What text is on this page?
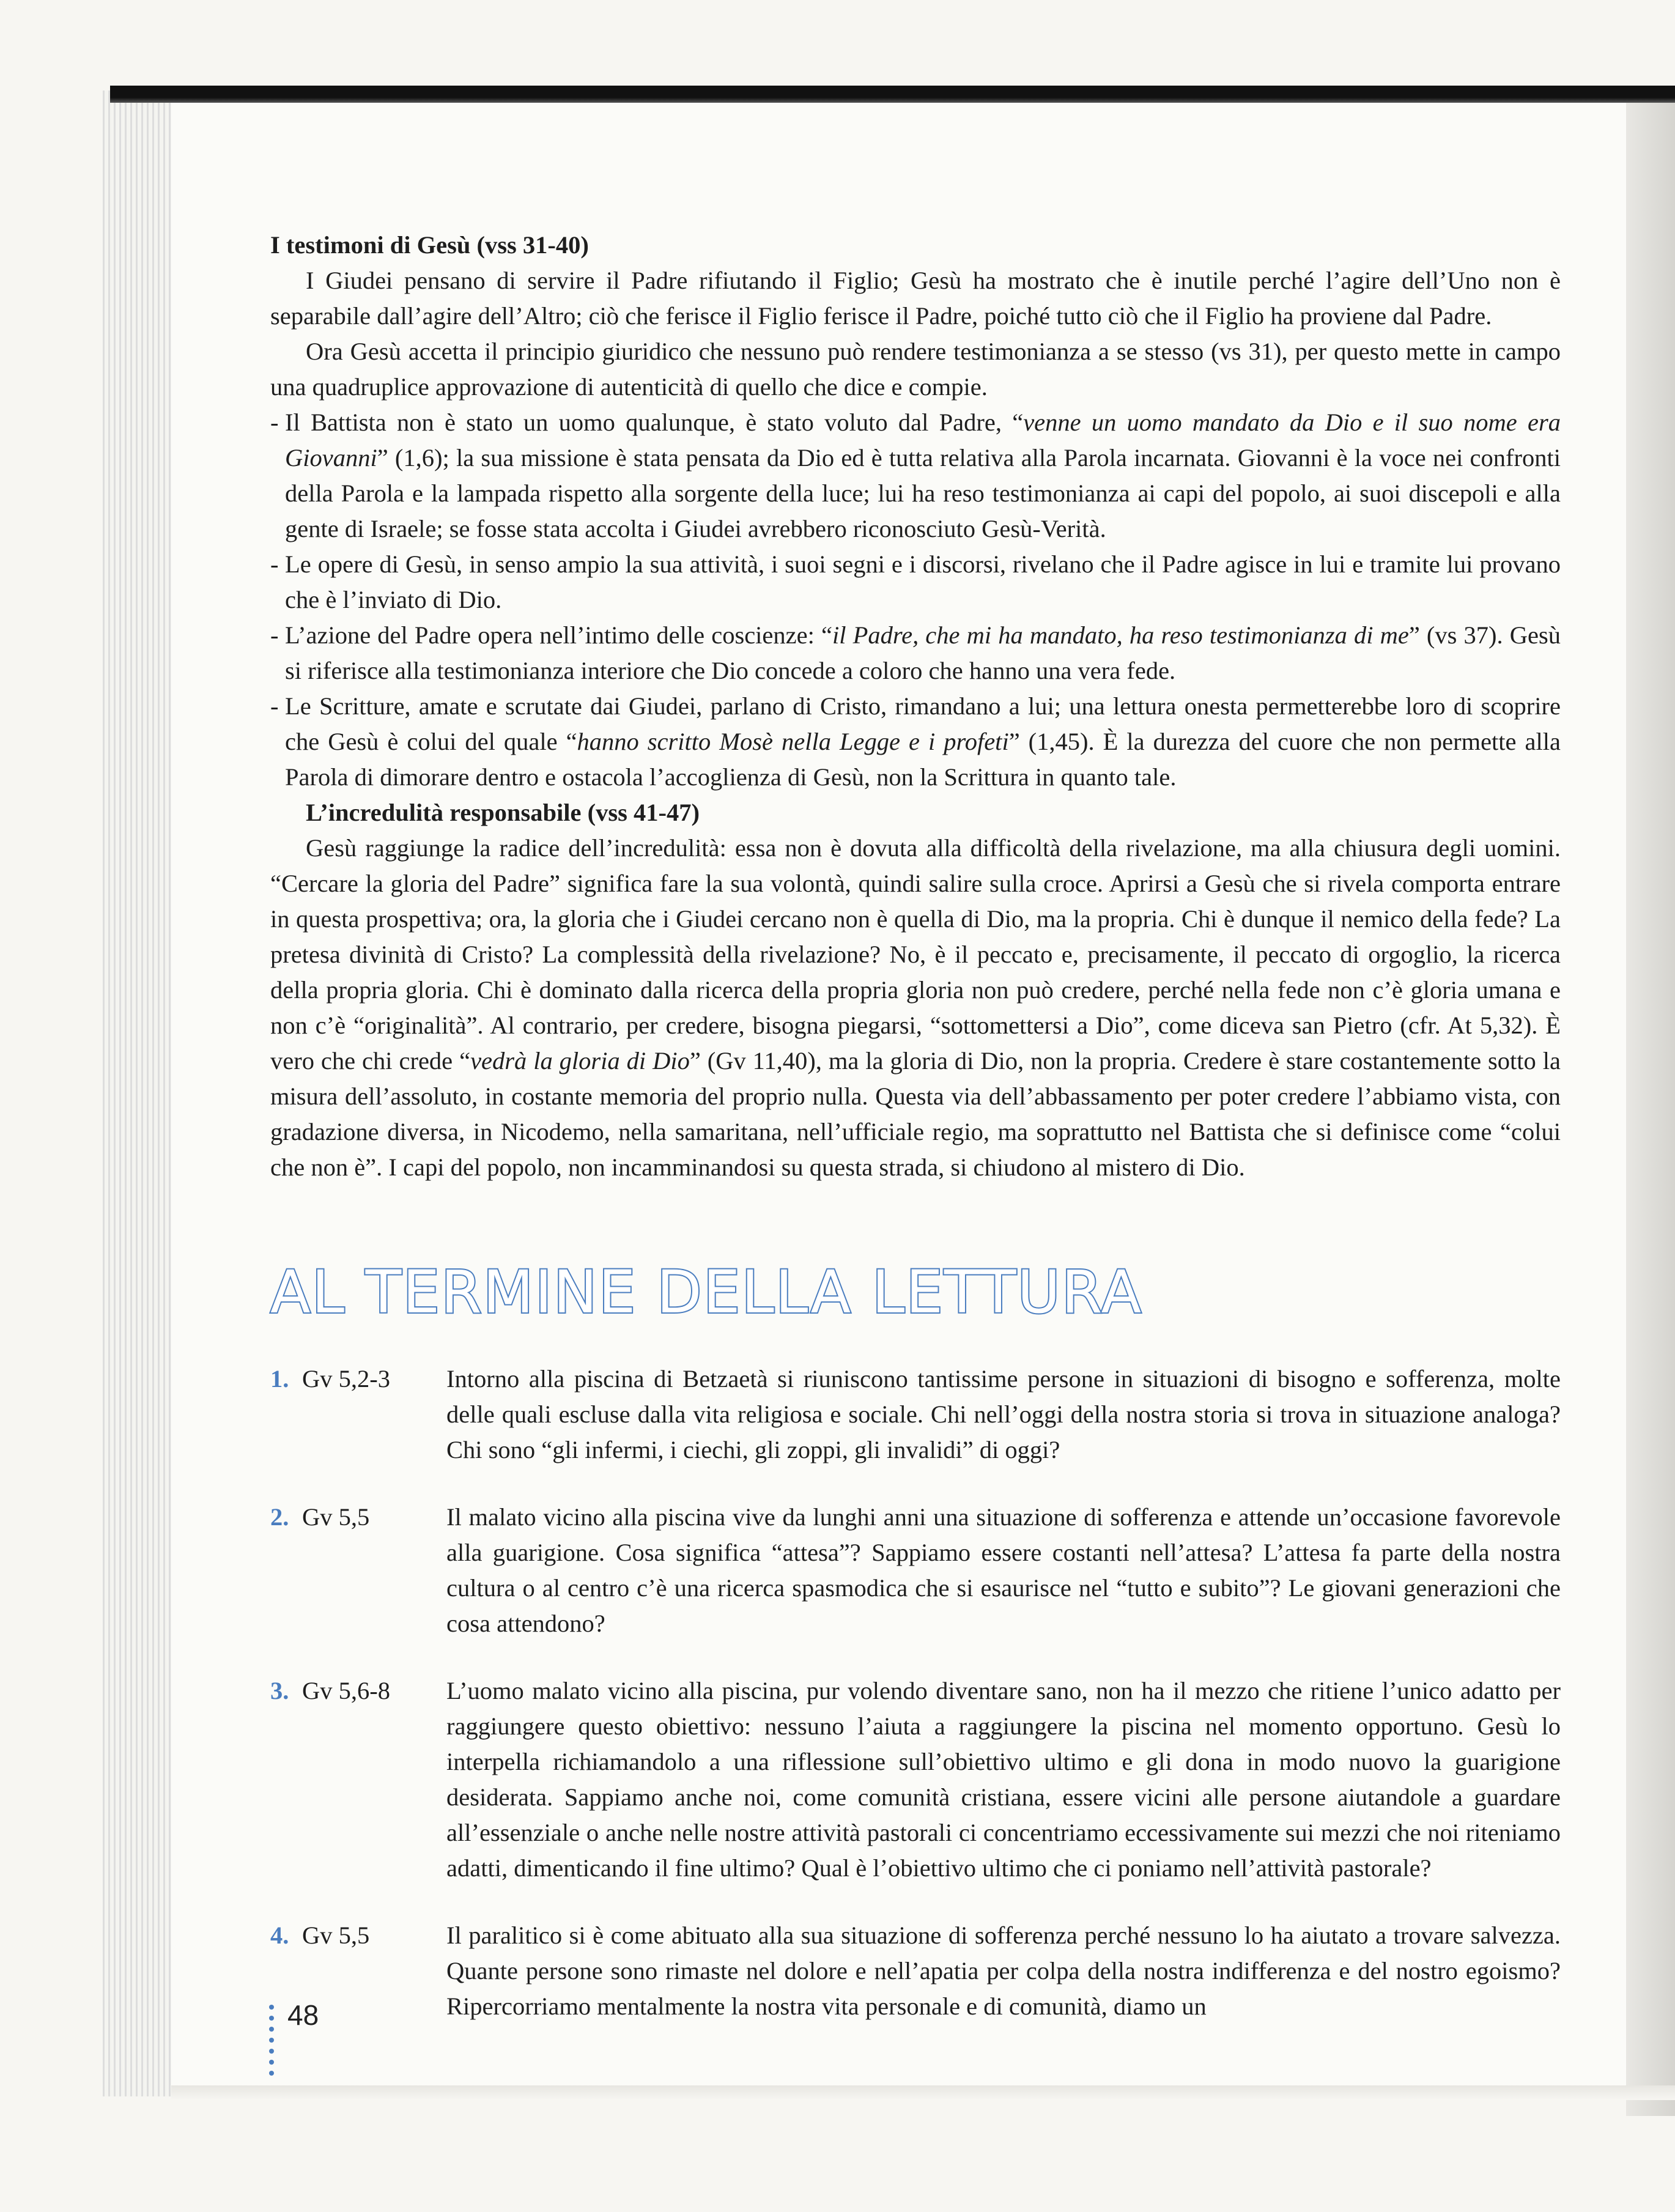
I testimoni di Gesù (vss 31-40)

I Giudei pensano di servire il Padre rifiutando il Figlio; Gesù ha mostrato che è inutile perché l’agire dell’Uno non è separabile dall’agire dell’Altro; ciò che ferisce il Figlio ferisce il Padre, poiché tutto ciò che il Figlio ha proviene dal Padre.

Ora Gesù accetta il principio giuridico che nessuno può rendere testimonianza a se stesso (vs 31), per questo mette in campo una quadruplice approvazione di autenticità di quello che dice e compie.

- Il Battista non è stato un uomo qualunque, è stato voluto dal Padre, “venne un uomo mandato da Dio e il suo nome era Giovanni” (1,6); la sua missione è stata pensata da Dio ed è tutta relativa alla Parola incarnata. Giovanni è la voce nei confronti della Parola e la lampada rispetto alla sorgente della luce; lui ha reso testimonianza ai capi del popolo, ai suoi discepoli e alla gente di Israele; se fosse stata accolta i Giudei avrebbero riconosciuto Gesù-Verità.

- Le opere di Gesù, in senso ampio la sua attività, i suoi segni e i discorsi, rivelano che il Padre agisce in lui e tramite lui provano che è l’inviato di Dio.

- L’azione del Padre opera nell’intimo delle coscienze: “il Padre, che mi ha mandato, ha reso testimonianza di me” (vs 37). Gesù si riferisce alla testimonianza interiore che Dio concede a coloro che hanno una vera fede.

- Le Scritture, amate e scrutate dai Giudei, parlano di Cristo, rimandano a lui; una lettura onesta permetterebbe loro di scoprire che Gesù è colui del quale “hanno scritto Mosè nella Legge e i profeti” (1,45). È la durezza del cuore che non permette alla Parola di dimorare dentro e ostacola l’accoglienza di Gesù, non la Scrittura in quanto tale.

L’incredulità responsabile (vss 41-47)

Gesù raggiunge la radice dell’incredulità: essa non è dovuta alla difficoltà della rivelazione, ma alla chiusura degli uomini. “Cercare la gloria del Padre” significa fare la sua volontà, quindi salire sulla croce. Aprirsi a Gesù che si rivela comporta entrare in questa prospettiva; ora, la gloria che i Giudei cercano non è quella di Dio, ma la propria. Chi è dunque il nemico della fede? La pretesa divinità di Cristo? La complessità della rivelazione? No, è il peccato e, precisamente, il peccato di orgoglio, la ricerca della propria gloria. Chi è dominato dalla ricerca della propria gloria non può credere, perché nella fede non c’è gloria umana e non c’è “originalità”. Al contrario, per credere, bisogna piegarsi, “sottomettersi a Dio”, come diceva san Pietro (cfr. At 5,32). È vero che chi crede “vedrà la gloria di Dio” (Gv 11,40), ma la gloria di Dio, non la propria. Credere è stare costantemente sotto la misura dell’assoluto, in costante memoria del proprio nulla. Questa via dell’abbassamento per poter credere l’abbiamo vista, con gradazione diversa, in Nicodemo, nella samaritana, nell’ufficiale regio, ma soprattutto nel Battista che si definisce come “colui che non è”. I capi del popolo, non incamminandosi su questa strada, si chiudono al mistero di Dio.

AL TERMINE DELLA LETTURA
1. Gv 5,2-3	Intorno alla piscina di Betzaetà si riuniscono tantissime persone in situazioni di bisogno e sofferenza, molte delle quali escluse dalla vita religiosa e sociale. Chi nell’oggi della nostra storia si trova in situazione analoga? Chi sono “gli infermi, i ciechi, gli zoppi, gli invalidi” di oggi?
2. Gv 5,5	Il malato vicino alla piscina vive da lunghi anni una situazione di sofferenza e attende un’occasione favorevole alla guarigione. Cosa significa “attesa”? Sappiamo essere costanti nell’attesa? L’attesa fa parte della nostra cultura o al centro c’è una ricerca spasmodica che si esaurisce nel “tutto e subito”? Le giovani generazioni che cosa attendono?
3. Gv 5,6-8	L’uomo malato vicino alla piscina, pur volendo diventare sano, non ha il mezzo che ritiene l’unico adatto per raggiungere questo obiettivo: nessuno l’aiuta a raggiungere la piscina nel momento opportuno. Gesù lo interpella richiamandolo a una riflessione sull’obiettivo ultimo e gli dona in modo nuovo la guarigione desiderata. Sappiamo anche noi, come comunità cristiana, essere vicini alle persone aiutandole a guardare all’essenziale o anche nelle nostre attività pastorali ci concentriamo eccessivamente sui mezzi che noi riteniamo adatti, dimenticando il fine ultimo? Qual è l’obiettivo ultimo che ci poniamo nell’attività pastorale?
4. Gv 5,5	Il paralitico si è come abituato alla sua situazione di sofferenza perché nessuno lo ha aiutato a trovare salvezza. Quante persone sono rimaste nel dolore e nell’apatia per colpa della nostra indifferenza e del nostro egoismo? Ripercorriamo mentalmente la nostra vita personale e di comunità, diamo un
48
